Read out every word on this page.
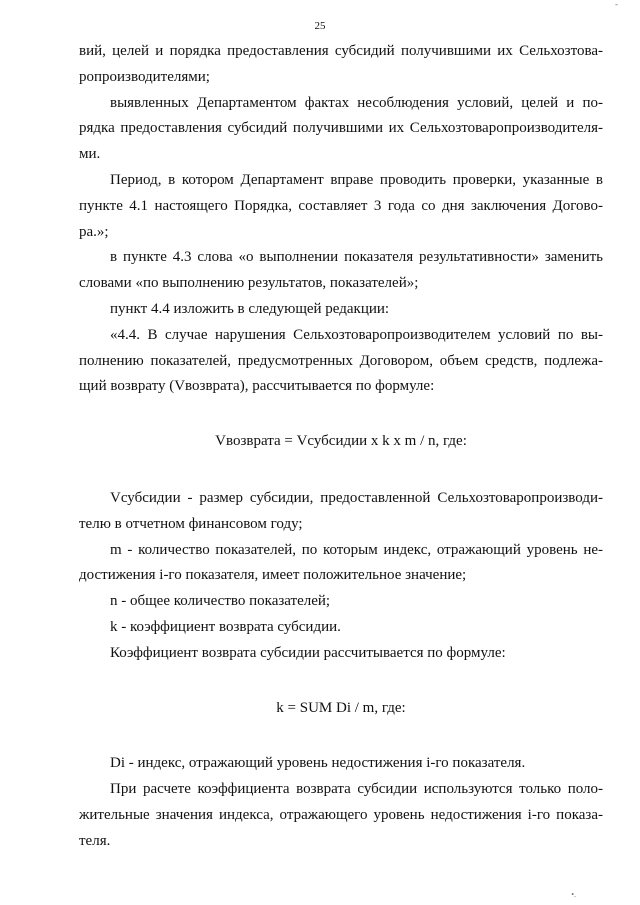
-
25
вий, целей и порядка предоставления субсидий получившими их Сельхозтова-
ропроизводителями;
выявленных Департаментом фактах несоблюдения условий, целей и по-
рядка предоставления субсидий получившими их Сельхозтоваропроизводителя-
ми.
Период, в котором Департамент вправе проводить проверки, указанные в
пункте 4.1 настоящего Порядка, составляет 3 года со дня заключения Догово-
ра.»;
в пункте 4.3 слова «о выполнении показателя результативности» заменить
словами «по выполнению результатов, показателей»;
пункт 4.4 изложить в следующей редакции:
«4.4. В случае нарушения Сельхозтоваропроизводителем условий по вы-
полнению показателей, предусмотренных Договором, объем средств, подлежа-
щий возврату (Vвозврата), рассчитывается по формуле:
Vвозврата = Vсубсидии x k x m / n, где:
Vсубсидии - размер субсидии, предоставленной Сельхозтоваропроизводи-
телю в отчетном финансовом году;
m - количество показателей, по которым индекс, отражающий уровень не-
достижения i-го показателя, имеет положительное значение;
n - общее количество показателей;
k - коэффициент возврата субсидии.
Коэффициент возврата субсидии рассчитывается по формуле:
k = SUM Di / m, где:
Di - индекс, отражающий уровень недостижения i-го показателя.
При расчете коэффициента возврата субсидии используются только поло-
жительные значения индекса, отражающего уровень недостижения i-го показа-
теля.
•.
